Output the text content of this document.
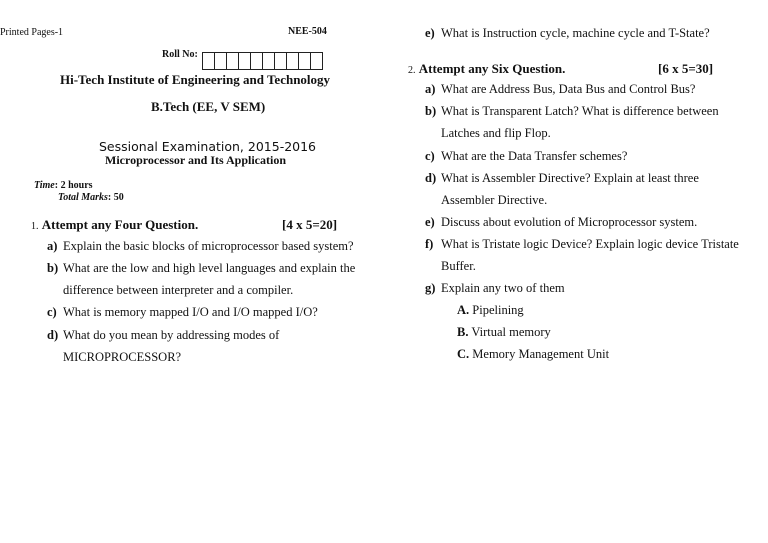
Printed Pages-1	NEE-504
Roll No:
Hi-Tech Institute of Engineering and Technology
B.Tech (EE, V SEM)
Sessional Examination, 2015-2016
Microprocessor and Its Application
Time: 2 hours
Total Marks: 50
1. Attempt any Four Question.	[4 x 5=20]
a) Explain the basic blocks of microprocessor based system?
b) What are the low and high level languages and explain the
difference between interpreter and a compiler.
c) What is memory mapped I/O and I/O mapped I/O?
d) What do you mean by addressing modes of
MICROPROCESSOR?
e) What is Instruction cycle, machine cycle and T-State?
2. Attempt any Six Question.	[6 x 5=30]
a) What are Address Bus, Data Bus and Control Bus?
b) What is Transparent Latch? What is difference between
Latches and flip Flop.
c) What are the Data Transfer schemes?
d) What is Assembler Directive? Explain at least three
Assembler Directive.
e) Discuss about evolution of Microprocessor system.
f) What is Tristate logic Device? Explain logic device Tristate
Buffer.
g) Explain any two of them
A. Pipelining
B. Virtual memory
C. Memory Management Unit
